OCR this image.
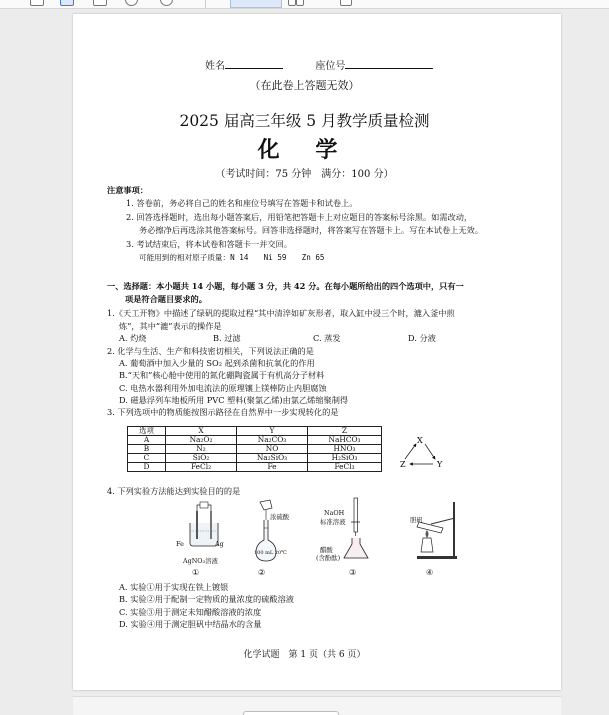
姓名	座位号
（在此卷上答题无效）
2025 届高三年级 5 月教学质量检测
化 学
（考试时间：75 分钟　满分：100 分）
注意事项：
1. 答卷前，务必将自己的姓名和座位号填写在答题卡和试卷上。
2. 回答选择题时，选出每小题答案后，用铅笔把答题卡上对应题目的答案标号涂黑。如需改动，
务必擦净后再选涂其他答案标号。回答非选择题时，将答案写在答题卡上。写在本试卷上无效。
3. 考试结束后，将本试卷和答题卡一并交回。
可能用到的相对原子质量：N 14　　Ni 59　　Zn 65
一、选择题：本小题共 14 小题，每小题 3 分，共 42 分。在每小题所给出的四个选项中，只有一
项是符合题目要求的。
1.《天工开物》中描述了绿矾的提取过程“其中清淬如矿灰形者，取入缸中浸三个时，漉入釜中煎
炼”，其中“漉”表示的操作是
A. 灼烧	B. 过滤	C. 蒸发	D. 分液
2. 化学与生活、生产和科技密切相关，下列说法正确的是
A. 葡萄酒中加入少量的 SO₂ 起到杀菌和抗氧化的作用
B.“天和”核心舱中使用的氮化硼陶瓷属于有机高分子材料
C. 电热水器利用外加电流法的原理镶上镁棒防止内胆腐蚀
D. 磁悬浮列车地板所用 PVC 塑料(聚氯乙烯)由氯乙烯缩聚制得
3. 下列选项中的物质能按图示路径在自然界中一步实现转化的是
选项	X	Y	Z
A	Na₂O₂	Na₂CO₃	NaHCO₃
B	N₂	NO	HNO₃
C	SiO₂	Na₂SiO₃	H₂SiO₃
D	FeCl₂	Fe	FeCl₃
X
Z	Y
4. 下列实验方法能达到实验目的的是
Fe	Ag
AgNO₃溶液
浓硫酸
100 mL 20℃
NaOH
标准溶液
醋酸
(含酚酞)
胆矾
①	②	③	④
A. 实验①用于实现在铁上镀银
B. 实验②用于配制一定物质的量浓度的硫酸溶液
C. 实验③用于测定未知醋酸溶液的浓度
D. 实验④用于测定胆矾中结晶水的含量
化学试题　第 1 页（共 6 页）
